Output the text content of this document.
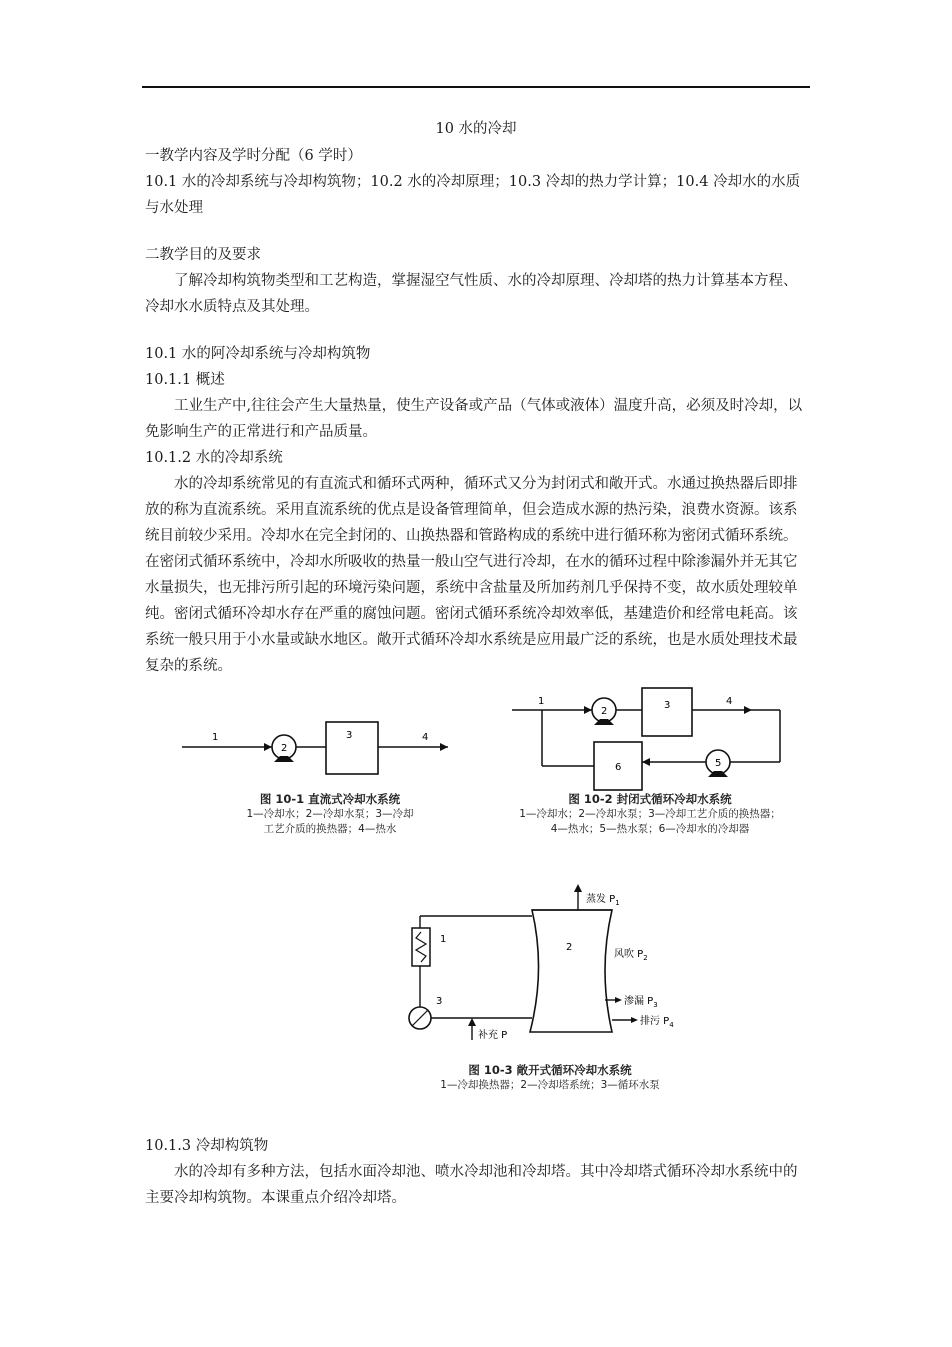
10 水的冷却

一教学内容及学时分配（6 学时）

10.1 水的冷却系统与冷却构筑物；10.2 水的冷却原理；10.3 冷却的热力学计算；10.4 冷却水的水质与水处理

二教学目的及要求

了解冷却构筑物类型和工艺构造，掌握湿空气性质、水的冷却原理、冷却塔的热力计算基本方程、冷却水水质特点及其处理。

10.1 水的阿冷却系统与冷却构筑物

10.1.1 概述

工业生产中,往往会产生大量热量，使生产设备或产品（气体或液体）温度升高，必须及时冷却，以免影响生产的正常进行和产品质量。

10.1.2 水的冷却系统

水的冷却系统常见的有直流式和循环式两种，循环式又分为封闭式和敞开式。水通过换热器后即排放的称为直流系统。采用直流系统的优点是设备管理简单，但会造成水源的热污染，浪费水资源。该系统目前较少采用。冷却水在完全封闭的、山换热器和管路构成的系统中进行循环称为密闭式循环系统。在密闭式循环系统中，冷却水所吸收的热量一般山空气进行冷却，在水的循环过程中除渗漏外并无其它水量损失，也无排污所引起的环境污染问题，系统中含盐量及所加药剂几乎保持不变，故水质处理较单纯。密闭式循环冷却水存在严重的腐蚀问题。密闭式循环系统冷却效率低，基建造价和经常电耗高。该系统一般只用于小水量或缺水地区。敞开式循环冷却水系统是应用最广泛的系统，也是水质处理技术最复杂的系统。

1
2
3	4
图 10-1 直流式冷却水系统
1—冷却水；2—冷却水泵；3—冷却
工艺介质的换热器；4—热水
1
2
3	4
5
6
图 10-2 封闭式循环冷却水系统
1—冷却水；2—冷却水泵；3—冷却工艺介质的换热器；
4—热水；5—热水泵；6—冷却水的冷却器
蒸发 $P_1$
风吹 $P_2$
渗漏 $P_3$
排污 $P_4$
补充 P
1
2
3
图 10-3 敞开式循环冷却水系统
1—冷却换热器；2—冷却塔系统；3—循环水泵

10.1.3 冷却构筑物

水的冷却有多种方法，包括水面冷却池、喷水冷却池和冷却塔。其中冷却塔式循环冷却水系统中的主要冷却构筑物。本课重点介绍冷却塔。
